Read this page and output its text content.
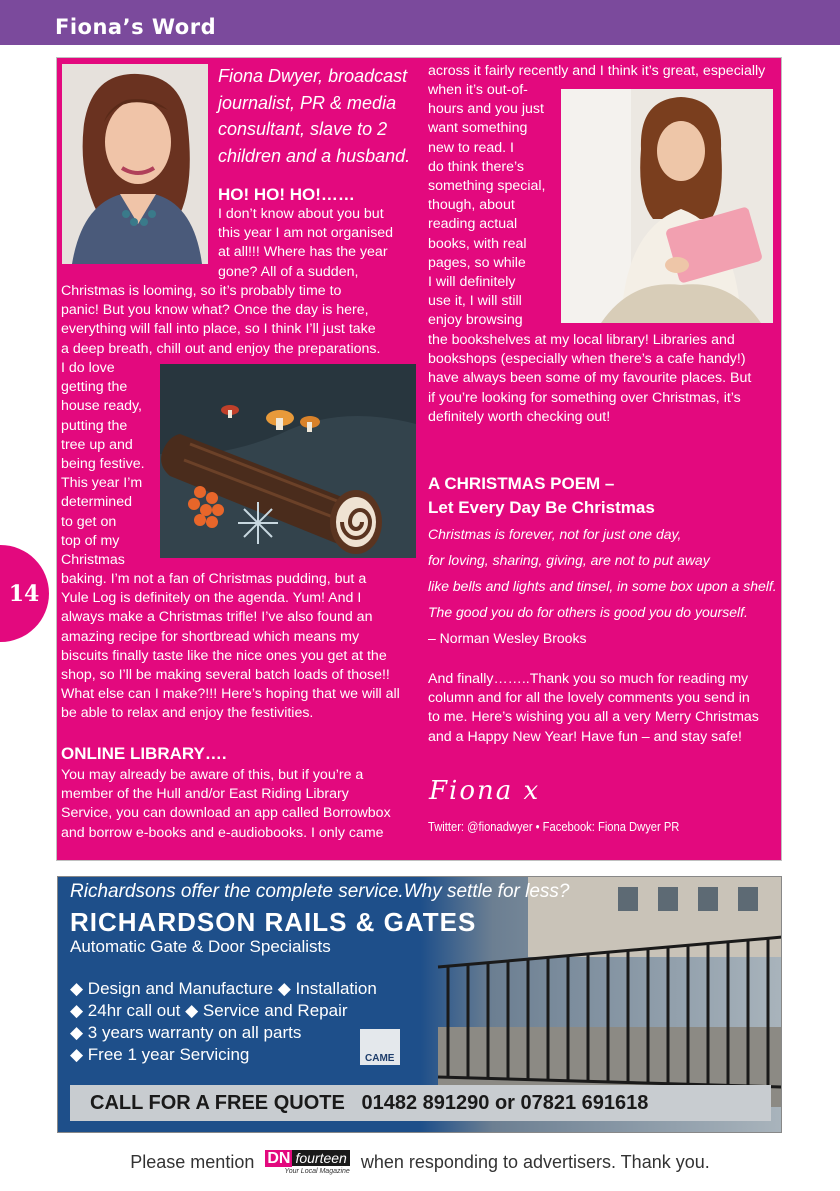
Fiona’s Word
14
Fiona Dwyer, broadcast
journalist, PR & media
consultant, slave to 2
children and a husband.
HO! HO! HO!……
I don’t know about you but
this year I am not organised
at all!!! Where has the year
gone? All of a sudden,
Christmas is looming, so it’s probably time to
panic! But you know what? Once the day is here,
everything will fall into place, so I think I’ll just take
a deep breath, chill out and enjoy the preparations.
I do love
getting the
house ready,
putting the
tree up and
being festive.
This year I’m
determined
to get on
top of my
Christmas
baking. I’m not a fan of Christmas pudding, but a
Yule Log is definitely on the agenda. Yum! And I
always make a Christmas trifle! I’ve also found an
amazing recipe for shortbread which means my
biscuits finally taste like the nice ones you get at the
shop, so I’ll be making several batch loads of those!!
What else can I make?!!! Here’s hoping that we will all
be able to relax and enjoy the festivities.
ONLINE LIBRARY….
You may already be aware of this, but if you’re a
member of the Hull and/or East Riding Library
Service, you can download an app called Borrowbox
and borrow e-books and e-audiobooks. I only came
across it fairly recently and I think it’s great, especially
when it’s out-of-
hours and you just
want something
new to read. I
do think there’s
something special,
though, about
reading actual
books, with real
pages, so while
I will definitely
use it, I will still
enjoy browsing
the bookshelves at my local library! Libraries and
bookshops (especially when there’s a cafe handy!)
have always been some of my favourite places. But
if you’re looking for something over Christmas, it’s
definitely worth checking out!
A CHRISTMAS POEM –
Let Every Day Be Christmas
Christmas is forever, not for just one day,
for loving, sharing, giving, are not to put away
like bells and lights and tinsel, in some box upon a shelf.
The good you do for others is good you do yourself.
– Norman Wesley Brooks
And finally……..Thank you so much for reading my
column and for all the lovely comments you send in
to me. Here’s wishing you all a very Merry Christmas
and a Happy New Year! Have fun – and stay safe!
Fiona x
Twitter: @fionadwyer • Facebook: Fiona Dwyer PR
Richardsons offer the complete service.Why settle for less?
RICHARDSON RAILS & GATES
Automatic Gate & Door Specialists
◆ Design and Manufacture ◆ Installation
◆ 24hr call out ◆ Service and Repair
◆ 3 years warranty on all parts
◆ Free 1 year Servicing	CAME
CALL FOR A FREE QUOTE   01482 891290 or 07821 691618
Please mention DN fourteen
Your Local Magazine when responding to advertisers. Thank you.
